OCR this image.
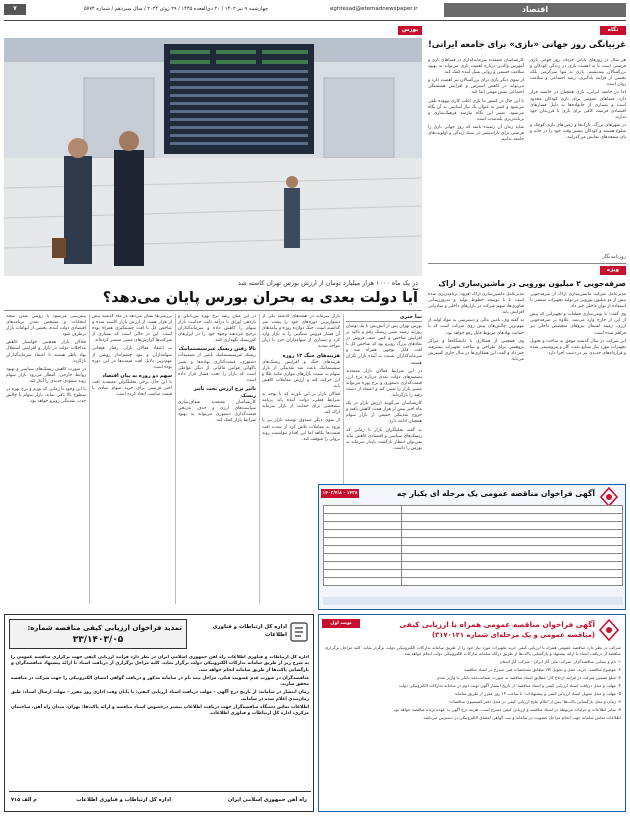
۷	چهارشنبه ۹ تیر ۱۴۰۲ / ۲۰ ذی‌القعده ۱۴۴۵ / ۲۹ ژوئن ۲۰۲۴ / سال سیزدهم / شماره ۵۷۷۴	eghtesad@etemadnewspaper.ir	اقتصاد
بورس
در یک ماه ۱۰۰۰ هزار میلیارد تومان از ارزش بورس تهران کاسته شد
آیا دولت بعدی به بحران بورس پایان می‌دهد؟
نما خبری

بورس تهران پس از آتش‌بس با یک نوسان روزانه زمینه تعیین ریسک رقم و تاکید بر افزایش شاخص و کمی صف فروش در نمادهای بزرگ روبرو بود که شاخص کل با افت قابل توجهی همراه شد و سرمایه‌گذاران نسبت به آینده بازار نگران هستند.

در این شرایط فعالان بازار معتقدند تصمیم‌های دولت بعدی درباره نرخ ارز، قیمت‌گذاری دستوری و نرخ بهره می‌تواند مسیر بازار را تعیین کند و اعتماد از دست رفته را بازگرداند.

کارشناسان می‌گویند ارزش بازار در یک ماه اخیر بیش از هزار همت کاهش یافته و خروج نقدینگی حقیقی از بازار سهام همچنان ادامه دارد.

به گفته تحلیلگران بازار تا زمانی که ریسک‌های سیاسی و اقتصادی کاهش نیابد نمی‌توان انتظار بازگشت پایدار سرمایه به بورس را داشت.

بازار سرمایه در هفته‌های گذشته یکی از دشوارترین دوره‌های خود را پشت سر گذاشته است. جنگ دوازده روزه و پیامدهای آن فشار فروش سنگینی را به بازار وارد کرد و بسیاری از سهامداران خرد با زیان مواجه شدند.

هزینه‌های جنگ ۱۲ روزه

هزینه‌های جنگ و افزایش ریسک‌های سیستماتیک باعث شد نقدینگی از بازار سهام به سمت بازارهای موازی مانند طلا و ارز حرکت کند و ارزش معاملات کاهش یابد.

فعالان بازار بر این باورند که با توجه به شرایط فعلی، دولت آینده باید برنامه مشخصی برای حمایت از بازار سرمایه ارائه کند.

از سوی دیگر صندوق توسعه بازار نیز با ورود به معاملات تلاش کرد از شدت افت قیمت‌ها بکاهد اما این اقدام نتوانست روند نزولی را متوقف کند.

در این میان رشد نرخ بهره بین‌بانکی و بازدهی اوراق با درآمد ثابت جذابیت بازار سهام را کاهش داده و سرمایه‌گذاران ترجیح می‌دهند وجوه خود را در ابزارهای کم‌ریسک نگهداری کنند.

بالا رفتن ریسک غیرسیستماتیک

ریسک غیرسیستماتیک ناشی از تصمیمات دستوری، قیمت‌گذاری نهاده‌ها و تغییر ناگهانی قوانین مالیاتی از دیگر عواملی است که بازار را تحت فشار قرار داده است.

تاثیر نرخ ارزش تحت تاثیر ریسک

کارشناسان معتقدند شفاف‌سازی سیاست‌های ارزی و حذف تدریجی قیمت‌گذاری دستوری می‌تواند به بهبود شرایط بازار کمک کند.

بررسی‌ها نشان می‌دهد در ماه گذشته بیش از هزار همت از ارزش بازار کاسته شده و شاخص کل با افت چشمگیری همراه بوده است. این در حالی است که بسیاری از شرکت‌ها گزارش‌های مثبتی منتشر کرده‌اند.

به اعتقاد فعالان بازار، رفتار هیجانی سهامداران و نبود چشم‌انداز روشن از مهم‌ترین دلایل افت قیمت‌ها در این دوره بوده است.

سهم دو روزه به بیان اقتصاد

با این حال برخی تحلیلگران معتقدند افت اخیر فرصتی برای خرید سهام بنیادی با قیمت مناسب ایجاد کرده است.

پیش‌بینی می‌شود با روشن شدن نتیجه انتخابات و مشخص شدن برنامه‌های اقتصادی دولت آینده، بخشی از ابهامات بازار برطرف شود.

فعالان بازار همچنین خواستار کاهش مداخلات دولت در بازار و افزایش استقلال نهاد ناظر هستند تا اعتماد سرمایه‌گذاران بازگردد.

در صورت کاهش ریسک‌های سیاسی و بهبود روابط خارجی، انتظار می‌رود بازار سهام روند صعودی جدیدی را آغاز کند.

با این وجود تا زمانی که تورم و نرخ بهره در سطوح بالا باقی بماند، بازار سهام با چالش جذب نقدینگی روبرو خواهد بود.

نگاه
غربیانگی روز جهانی «بازی» برای جامعه ایرانی!

هر سال در روزهای پایانی خرداد، روز جهانی بازی فرصتی است تا به اهمیت بازی در زندگی کودکان و بزرگسالان بیندیشیم. بازی نه تنها سرگرمی بلکه بخشی از فرایند یادگیری، رشد اجتماعی و سلامت روان است.

اما در جامعه ایرانی، بازی همچنان در حاشیه قرار دارد. فضاهای عمومی برای بازی کودکان محدود است و بسیاری از خانواده‌ها به دلیل فشارهای اقتصادی فرصت کافی برای بازی با فرزندان خود ندارند.

در شهرهای بزرگ، پارک‌ها و زمین‌های بازی کوچک و شلوغ هستند و کودکان بیشتر وقت خود را در خانه و پای صفحه‌های نمایش می‌گذرانند.

کارشناسان معتقدند سرمایه‌گذاری در فضاهای بازی و آموزش والدین درباره اهمیت بازی می‌تواند به بهبود سلامت جسمی و روانی نسل آینده کمک کند.

از سوی دیگر بازی برای بزرگسالان نیز اهمیت دارد و می‌تواند در کاهش استرس و افزایش همبستگی اجتماعی نقش مهمی ایفا کند.

با این حال در کشور ما بازی اغلب کاری بیهوده تلقی می‌شود و کمتر به عنوان یک نیاز اساسی به آن نگاه می‌شود. تغییر این نگاه نیازمند فرهنگ‌سازی و برنامه‌ریزی بلندمدت است.

شاید زمان آن رسیده باشد که روز جهانی بازی را فرصتی برای بازاندیشی در سبک زندگی و اولویت‌های جامعه بدانیم.

روزنامه‌نگار
ویژه
صرفه‌جویی ۲ میلیون یورویی در ماشین‌سازی اراک

مدیرعامل شرکت ماشین‌سازی اراک از صرفه‌جویی بیش از دو میلیون یورویی در تولید تجهیزات صنعتی با استفاده از توان داخلی خبر داد.

وی گفت: با بومی‌سازی قطعات و تجهیزاتی که پیش از این از خارج وارد می‌شد، علاوه بر صرفه‌جویی ارزی، زمینه اشتغال نیروهای متخصص داخلی نیز فراهم شده است.

این شرکت در سال گذشته موفق به ساخت و تحویل تجهیزات مورد نیاز صنایع نفت، گاز و پتروشیمی شده و قراردادهای جدیدی نیز در دست اجرا دارد.

مدیرعامل ماشین‌سازی اراک افزود: برنامه‌ریزی شده است تا با توسعه خطوط تولید و به‌روزرسانی فناوری‌ها، سهم شرکت در بازارهای داخلی و صادراتی افزایش یابد.

به گفته وی، تامین مالی و دسترسی به مواد اولیه از مهم‌ترین چالش‌های پیش روی شرکت است که با حمایت نهادهای مربوط قابل رفع خواهد بود.

وی همچنین از همکاری با دانشگاه‌ها و مراکز پژوهشی برای طراحی و ساخت تجهیزات پیشرفته خبر داد و گفت این همکاری‌ها در سال جاری گسترش می‌یابد.

آگهی فراخوان مناقصه عمومی یک مرحله ای یکبار چه
۱۴۰۳/۴/۸ - ۱۴۲۸

آگهی فراخوان مناقصه عمومی همراه با ارزیابی کیفی
(مناقصه عمومی و یک مرحله‌ای شماره ۳۱۷۰۱۲۱)
نوبت اول

شرکت در نظر دارد مناقصه عمومی همراه با ارزیابی کیفی خرید تجهیزات مورد نیاز خود را از طریق سامانه تدارکات الکترونیکی دولت برگزار نماید. کلیه مراحل برگزاری مناقصه از دریافت اسناد تا ارائه پیشنهاد و بازگشایی پاکت‌ها از طریق درگاه سامانه تدارکات الکترونیکی دولت انجام خواهد شد.

۱- نام و نشانی مناقصه‌گزار: شرکت ملی گاز ایران - شرکت گاز استان

۲- موضوع مناقصه: خرید، حمل و تحویل کالا مطابق مشخصات فنی مندرج در اسناد مناقصه

۳- مبلغ تضمین شرکت در فرایند ارجاع کار: مطابق اسناد مناقصه به صورت ضمانت‌نامه بانکی یا واریز نقدی

۴- مهلت و محل دریافت اسناد ارزیابی کیفی و اسناد مناقصه: از تاریخ انتشار آگهی نوبت دوم در سامانه تدارکات الکترونیکی دولت

۵- مهلت و محل تحویل اسناد ارزیابی کیفی و پیشنهادات: تا ساعت ۱۴ روز مقرر از طریق سامانه

۶- زمان و محل بازگشایی پاکت‌ها: پس از اعلام نتایج ارزیابی کیفی در محل دفتر کمیسیون مناقصات

۷- سایر اطلاعات و جزئیات مربوطه در اسناد مناقصه و ارزیابی کیفی مندرج است. هزینه درج آگهی به عهده برنده مناقصه خواهد بود.

اطلاعات تماس سامانه جهت انجام مراحل عضویت در سامانه و ثبت گواهی امضای الکترونیکی در دسترس می‌باشد.

تمدید فراخوان ارزیابی کیفی مناقصه شماره:
۳۳/۱۴۰۳/۰۵
اداره کل ارتباطات و فناوری اطلاعات

اداره کل ارتباطات و فناوری اطلاعات راه آهن جمهوری اسلامی ایران در نظر دارد فرآیند ارزیابی کیفی جهت برگزاری مناقصه عمومی را به شرح زیر از طریق سامانه تدارکات الکترونیکی دولت برگزار نماید. کلیه مراحل برگزاری از دریافت اسناد تا ارائه پیشنهاد مناقصه‌گران و بازگشایی پاکت‌ها از طریق سامانه انجام خواهد شد.

مناقصه‌گران در صورت عدم عضویت قبلی، مراحل ثبت نام در سامانه مذکور و دریافت گواهی امضای الکترونیکی را جهت شرکت در مناقصه محقق سازند.

زمان انتشار در سامانه: از تاریخ درج آگهی - مهلت دریافت اسناد ارزیابی کیفی: تا پایان وقت اداری روز مقرر - مهلت ارسال اسناد: طبق زمان‌بندی اعلام شده در سامانه.

اطلاعات تماس دستگاه مناقصه‌گزار جهت دریافت اطلاعات بیشتر درخصوص اسناد مناقصه و ارائه پاکت‌ها: تهران، میدان راه آهن، ساختمان مرکزی، اداره کل ارتباطات و فناوری اطلاعات.

م الف ۷۱۵	اداره کل ارتباطات و فناوری اطلاعات	راه آهن جمهوری اسلامی ایران
